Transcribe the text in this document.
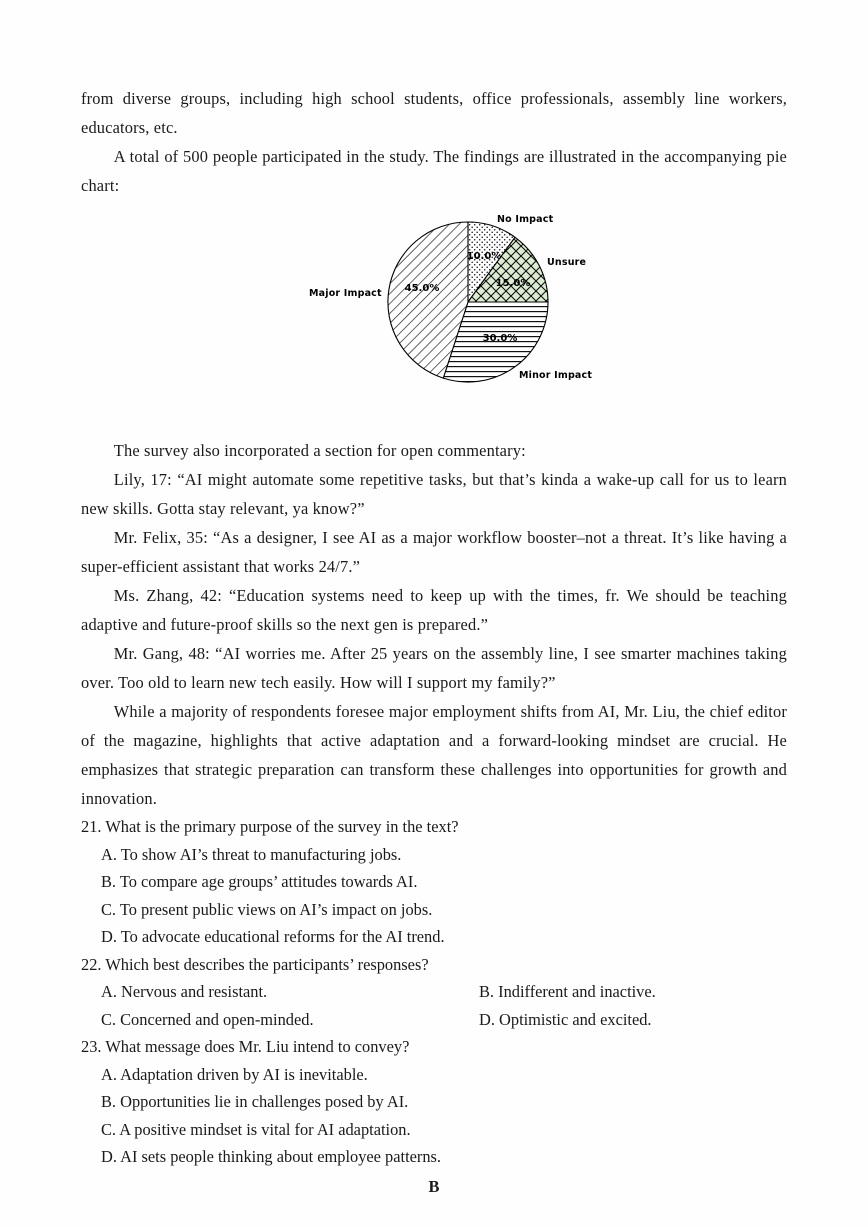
from diverse groups, including high school students, office professionals, assembly line workers, educators, etc.

A total of 500 people participated in the study. The findings are illustrated in the accompanying pie chart:

10.0%
15.0%
30.0%
45.0%
No Impact
Unsure
Minor Impact
Major Impact

The survey also incorporated a section for open commentary:

Lily, 17: “AI might automate some repetitive tasks, but that’s kinda a wake-up call for us to learn new skills. Gotta stay relevant, ya know?”

Mr. Felix, 35: “As a designer, I see AI as a major workflow booster–not a threat. It’s like having a super-efficient assistant that works 24/7.”

Ms. Zhang, 42: “Education systems need to keep up with the times, fr. We should be teaching adaptive and future-proof skills so the next gen is prepared.”

Mr. Gang, 48: “AI worries me. After 25 years on the assembly line, I see smarter machines taking over. Too old to learn new tech easily. How will I support my family?”

While a majority of respondents foresee major employment shifts from AI, Mr. Liu, the chief editor of the magazine, highlights that active adaptation and a forward-looking mindset are crucial. He emphasizes that strategic preparation can transform these challenges into opportunities for growth and innovation.

21. What is the primary purpose of the survey in the text?
A. To show AI’s threat to manufacturing jobs.
B. To compare age groups’ attitudes towards AI.
C. To present public views on AI’s impact on jobs.
D. To advocate educational reforms for the AI trend.
22. Which best describes the participants’ responses?
A. Nervous and resistant.	B. Indifferent and inactive.
C. Concerned and open-minded.	D. Optimistic and excited.
23. What message does Mr. Liu intend to convey?
A. Adaptation driven by AI is inevitable.
B. Opportunities lie in challenges posed by AI.
C. A positive mindset is vital for AI adaptation.
D. AI sets people thinking about employee patterns.
B
